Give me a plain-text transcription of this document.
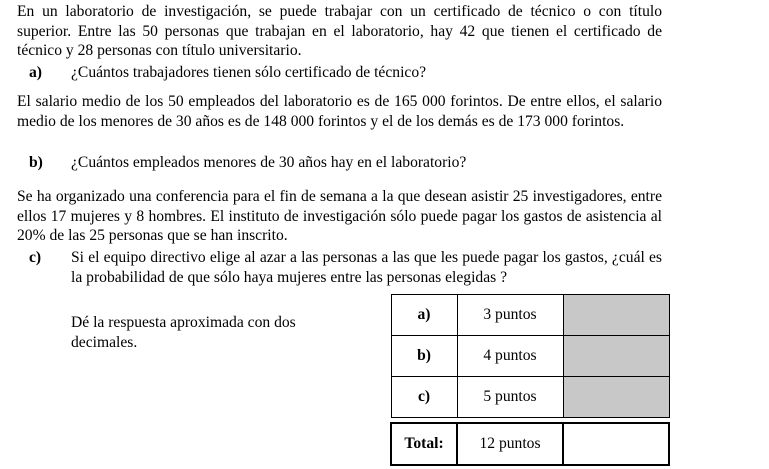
En un laboratorio de investigación, se puede trabajar con un certificado de técnico o con título superior. Entre las 50 personas que trabajan en el laboratorio, hay 42 que tienen el certificado de técnico y 28 personas con título universitario.
a) ¿Cuántos trabajadores tienen sólo certificado de técnico?
El salario medio de los 50 empleados del laboratorio es de 165 000 forintos. De entre ellos, el salario medio de los menores de 30 años es de 148 000 forintos y el de los demás es de 173 000 forintos.
b) ¿Cuántos empleados menores de 30 años hay en el laboratorio?
Se ha organizado una conferencia para el fin de semana a la que desean asistir 25 investigadores, entre ellos 17 mujeres y 8 hombres. El instituto de investigación sólo puede pagar los gastos de asistencia al 20% de las 25 personas que se han inscrito.
c) Si el equipo directivo elige al azar a las personas a las que les puede pagar los gastos, ¿cuál es la probabilidad de que sólo haya mujeres entre las personas elegidas ?
Dé la respuesta aproximada con dos decimales.
a)	3 puntos	
b)	4 puntos	
c)	5 puntos	

Total:	12 puntos	
